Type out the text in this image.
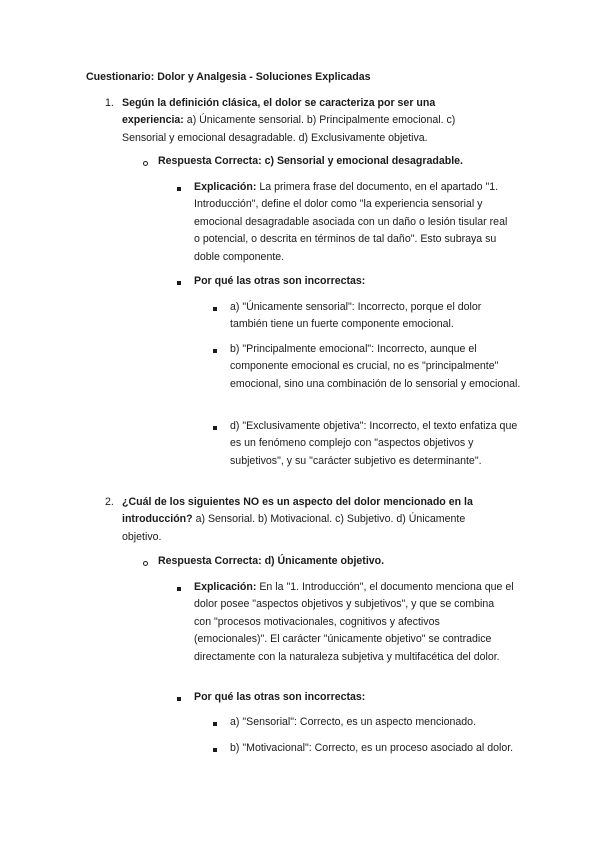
Cuestionario: Dolor y Analgesia - Soluciones Explicadas
1. Según la definición clásica, el dolor se caracteriza por ser una experiencia: a) Únicamente sensorial. b) Principalmente emocional. c) Sensorial y emocional desagradable. d) Exclusivamente objetiva.
Respuesta Correcta: c) Sensorial y emocional desagradable.
Explicación: La primera frase del documento, en el apartado "1. Introducción", define el dolor como "la experiencia sensorial y emocional desagradable asociada con un daño o lesión tisular real o potencial, o descrita en términos de tal daño". Esto subraya su doble componente.
Por qué las otras son incorrectas:
a) "Únicamente sensorial": Incorrecto, porque el dolor también tiene un fuerte componente emocional.
b) "Principalmente emocional": Incorrecto, aunque el componente emocional es crucial, no es "principalmente" emocional, sino una combinación de lo sensorial y emocional.
d) "Exclusivamente objetiva": Incorrecto, el texto enfatiza que es un fenómeno complejo con "aspectos objetivos y subjetivos", y su "carácter subjetivo es determinante".
2. ¿Cuál de los siguientes NO es un aspecto del dolor mencionado en la introducción? a) Sensorial. b) Motivacional. c) Subjetivo. d) Únicamente objetivo.
Respuesta Correcta: d) Únicamente objetivo.
Explicación: En la "1. Introducción", el documento menciona que el dolor posee "aspectos objetivos y subjetivos", y que se combina con "procesos motivacionales, cognitivos y afectivos (emocionales)". El carácter "únicamente objetivo" se contradice directamente con la naturaleza subjetiva y multifacética del dolor.
Por qué las otras son incorrectas:
a) "Sensorial": Correcto, es un aspecto mencionado.
b) "Motivacional": Correcto, es un proceso asociado al dolor.
